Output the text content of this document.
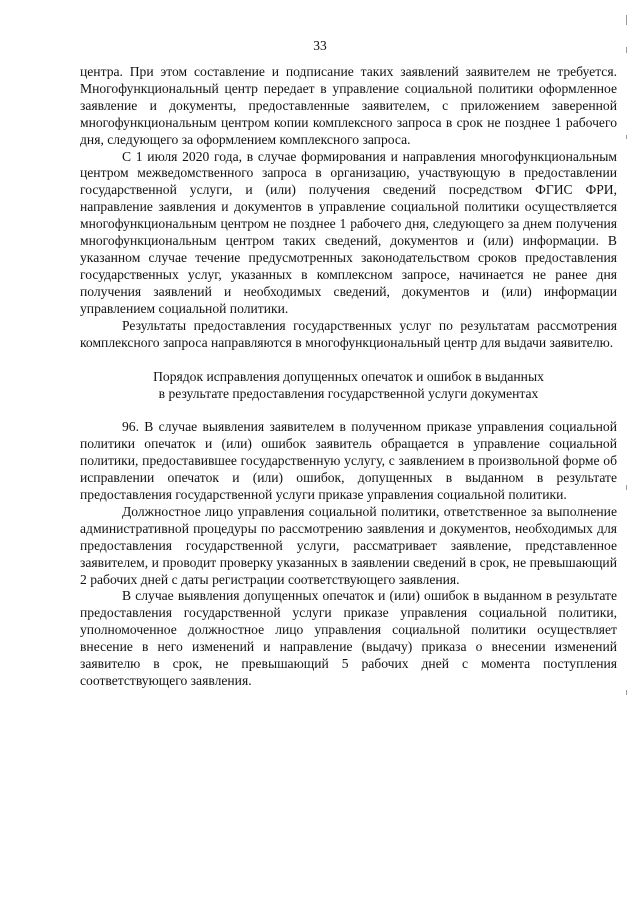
33

центра. При этом составление и подписание таких заявлений заявителем не требуется. Многофункциональный центр передает в управление социальной политики оформленное заявление и документы, предоставленные заявителем, с приложением заверенной многофункциональным центром копии комплексного запроса в срок не позднее 1 рабочего дня, следующего за оформлением комплексного запроса.

С 1 июля 2020 года, в случае формирования и направления многофункциональным центром межведомственного запроса в организацию, участвующую в предоставлении государственной услуги, и (или) получения сведений посредством ФГИС ФРИ, направление заявления и документов в управление социальной политики осуществляется многофункциональным центром не позднее 1 рабочего дня, следующего за днем получения многофункциональным центром таких сведений, документов и (или) информации. В указанном случае течение предусмотренных законодательством сроков предоставления государственных услуг, указанных в комплексном запросе, начинается не ранее дня получения заявлений и необходимых сведений, документов и (или) информации управлением социальной политики.

Результаты предоставления государственных услуг по результатам рассмотрения комплексного запроса направляются в многофункциональный центр для выдачи заявителю.

Порядок исправления допущенных опечаток и ошибок в выданных
в результате предоставления государственной услуги документах

96. В случае выявления заявителем в полученном приказе управления социальной политики опечаток и (или) ошибок заявитель обращается в управление социальной политики, предоставившее государственную услугу, с заявлением в произвольной форме об исправлении опечаток и (или) ошибок, допущенных в выданном в результате предоставления государственной услуги приказе управления социальной политики.

Должностное лицо управления социальной политики, ответственное за выполнение административной процедуры по рассмотрению заявления и документов, необходимых для предоставления государственной услуги, рассматривает заявление, представленное заявителем, и проводит проверку указанных в заявлении сведений в срок, не превышающий 2 рабочих дней с даты регистрации соответствующего заявления.

В случае выявления допущенных опечаток и (или) ошибок в выданном в результате предоставления государственной услуги приказе управления социальной политики, уполномоченное должностное лицо управления социальной политики осуществляет внесение в него изменений и направление (выдачу) приказа о внесении изменений заявителю в срок, не превышающий 5 рабочих дней с момента поступления соответствующего заявления.
